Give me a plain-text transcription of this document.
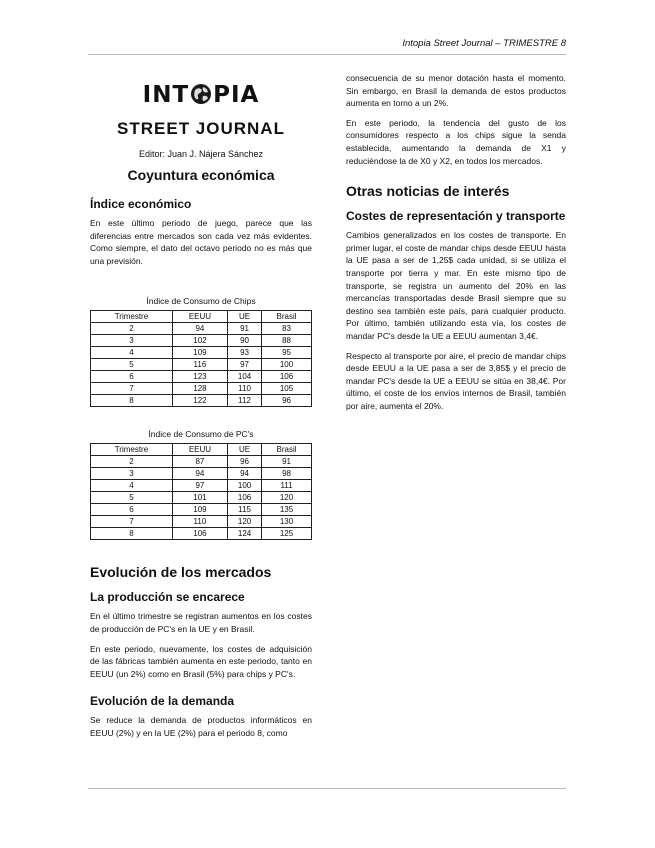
Intopia Street Journal – TRIMESTRE 8
INT PIA
STREET JOURNAL
Editor: Juan J. Nájera Sánchez
Coyuntura económica
Índice económico

En este último periodo de juego, parece que las diferencias entre mercados son cada vez más evidentes. Como siempre, el dato del octavo periodo no es más que una previsión.

Índice de Consumo de Chips
Trimestre	EEUU	UE	Brasil
2	94	91	83
3	102	90	88
4	109	93	95
5	116	97	100
6	123	104	106
7	128	110	105
8	122	112	96
Índice de Consumo de PC's
Trimestre	EEUU	UE	Brasil
2	87	96	91
3	94	94	98
4	97	100	111
5	101	106	120
6	109	115	135
7	110	120	130
8	106	124	125
Evolución de los mercados
La producción se encarece

En el último trimestre se registran aumentos en los costes de producción de PC's en la UE y en Brasil.

En este periodo, nuevamente, los costes de adquisición de las fábricas también aumenta en este periodo, tanto en EEUU (un 2%) como en Brasil (5%) para chips y PC's.

Evolución de la demanda

Se reduce la demanda de productos informáticos en EEUU (2%) y en la UE (2%) para el periodo 8, como

consecuencia de su menor dotación hasta el momento. Sin embargo, en Brasil la demanda de estos productos aumenta en torno a un 2%.

En este periodo, la tendencia del gusto de los consumidores respecto a los chips sigue la senda establecida, aumentando la demanda de X1 y reduciéndose la de X0 y X2, en todos los mercados.

Otras noticias de interés
Costes de representación y transporte

Cambios generalizados en los costes de transporte. En primer lugar, el coste de mandar chips desde EEUU hasta la UE pasa a ser de 1,25$ cada unidad, si se utiliza el transporte por tierra y mar. En este mismo tipo de transporte, se registra un aumento del 20% en las mercancías transportadas desde Brasil siempre que su destino sea también este país, para cualquier producto. Por último, también utilizando esta vía, los costes de mandar PC's desde la UE a EEUU aumentan 3,4€.

Respecto al transporte por aire, el precio de mandar chips desde EEUU a la UE pasa a ser de 3,85$ y el precio de mandar PC's desde la UE a EEUU se sitúa en 38,4€. Por último, el coste de los envíos internos de Brasil, también por aire, aumenta el 20%.
